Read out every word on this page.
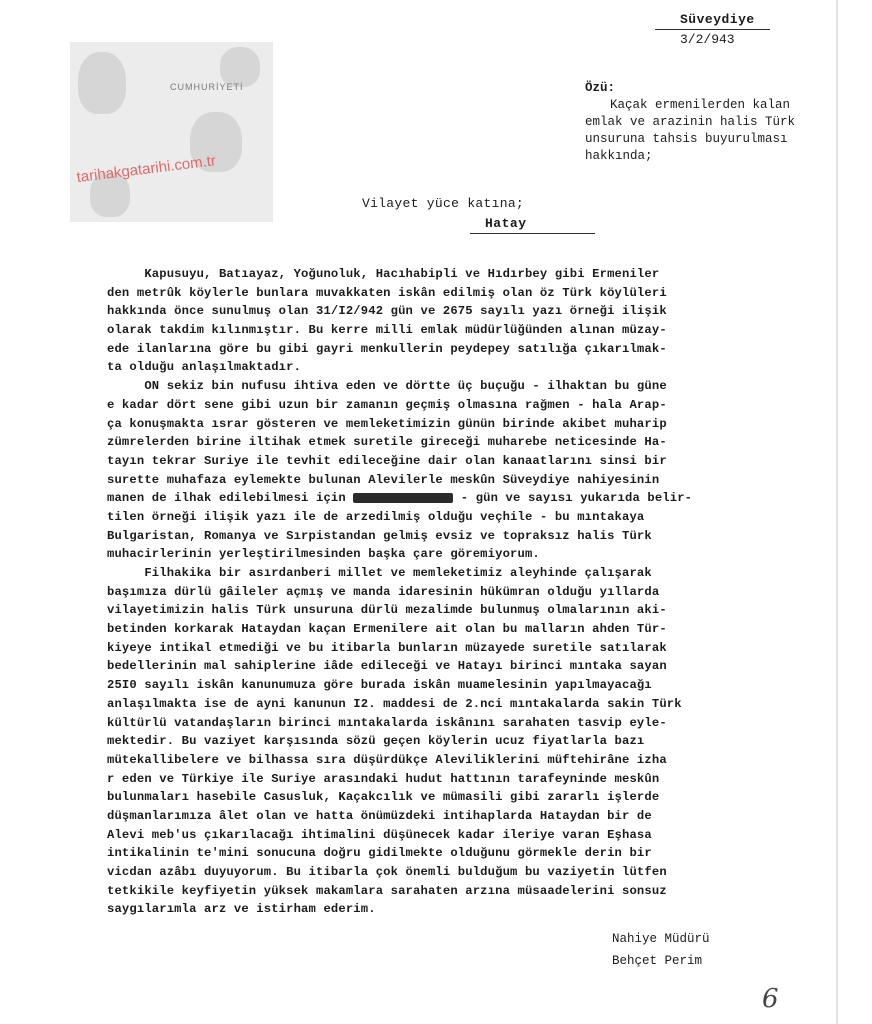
CUMHURİYETİ
tarihakgatarihi.com.tr
Süveydiye
3/2/943
Özü:
Kaçak ermenilerden kalan
emlak ve arazinin halis Türk
unsuruna tahsis buyurulması
hakkında;
Vilayet yüce katına;
Hatay
Kapusuyu, Batıayaz, Yoğunoluk, Hacıhabipli ve Hıdırbey gibi Ermeniler
den metrûk köylerle bunlara muvakkaten iskân edilmiş olan öz Türk köylüleri
hakkında önce sunulmuş olan 31/I2/942 gün ve 2675 sayılı yazı örneği ilişik
olarak takdim kılınmıştır. Bu kerre milli emlak müdürlüğünden alınan müzay-
ede ilanlarına göre bu gibi gayri menkullerin peydepey satılığa çıkarılmak-
ta olduğu anlaşılmaktadır.
ON sekiz bin nufusu ihtiva eden ve dörtte üç buçuğu - ilhaktan bu güne
e kadar dört sene gibi uzun bir zamanın geçmiş olmasına rağmen - hala Arap-
ça konuşmakta ısrar gösteren ve memleketimizin günün birinde akibet muharip
zümrelerden birine iltihak etmek suretile gireceği muharebe neticesinde Ha-
tayın tekrar Suriye ile tevhit edileceğine dair olan kanaatlarını sinsi bir
surette muhafaza eylemekte bulunan Alevilerle meskûn Süveydiye nahiyesinin
manen de ilhak edilebilmesi için	- gün ve sayısı yukarıda belir-
tilen örneği ilişik yazı ile de arzedilmiş olduğu veçhile - bu mıntakaya
Bulgaristan, Romanya ve Sırpistandan gelmiş evsiz ve topraksız halis Türk
muhacirlerinin yerleştirilmesinden başka çare göremiyorum.
Filhakika bir asırdanberi millet ve memleketimiz aleyhinde çalışarak
başımıza dürlü gâileler açmış ve manda idaresinin hükümran olduğu yıllarda
vilayetimizin halis Türk unsuruna dürlü mezalimde bulunmuş olmalarının aki-
betinden korkarak Hataydan kaçan Ermenilere ait olan bu malların ahden Tür-
kiyeye intikal etmediği ve bu itibarla bunların müzayede suretile satılarak
bedellerinin mal sahiplerine iâde edileceği ve Hatayı birinci mıntaka sayan
25I0 sayılı iskân kanunumuza göre burada iskân muamelesinin yapılmayacağı
anlaşılmakta ise de ayni kanunun I2. maddesi de 2.nci mıntakalarda sakin Türk
kültürlü vatandaşların birinci mıntakalarda iskânını sarahaten tasvip eyle-
mektedir. Bu vaziyet karşısında sözü geçen köylerin ucuz fiyatlarla bazı
mütekallibelere ve bilhassa sıra düşürdükçe Aleviliklerini müftehirâne izha
r eden ve Türkiye ile Suriye arasındaki hudut hattının tarafeyninde meskûn
bulunmaları hasebile Casusluk, Kaçakcılık ve mümasili gibi zararlı işlerde
düşmanlarımıza âlet olan ve hatta önümüzdeki intihaplarda Hataydan bir de
Alevi meb'us çıkarılacağı ihtimalini düşünecek kadar ileriye varan Eşhasa
intikalinin te'mini sonucuna doğru gidilmekte olduğunu görmekle derin bir
vicdan azâbı duyuyorum. Bu itibarla çok önemli bulduğum bu vaziyetin lütfen
tetkikile keyfiyetin yüksek makamlara sarahaten arzına müsaadelerini sonsuz
saygılarımla arz ve istirham ederim.
Nahiye Müdürü
Behçet Perim
6
